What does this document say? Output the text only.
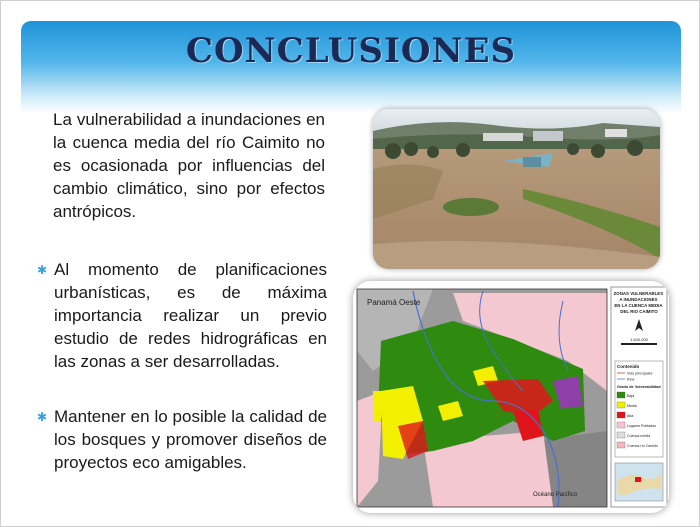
CONCLUSIONES
La vulnerabilidad a inundaciones en la cuenca media del río Caimito no es ocasionada por influencias del cambio climático, sino por efectos antrópicos.
✱ Al momento de planificaciones urbanísticas, es de máxima importancia realizar un previo estudio de redes hidrográficas en las zonas a ser desarrolladas.
✱ Mantener en lo posible la calidad de los bosques y promover diseños de proyectos eco amigables.
Panamá Oeste
Océano Pacífico
ZONAS VULNERABLES A INUNDACIONES EN LA CUENCA MEDIA DEL RIO CAIMITO
1:400,000
Contenido
Vías principales
Ríos
Grado de Vulnerabilidad
Baja
Media
Alta
Lugares Poblados
Cuenca media
Cuenca río Caimito
